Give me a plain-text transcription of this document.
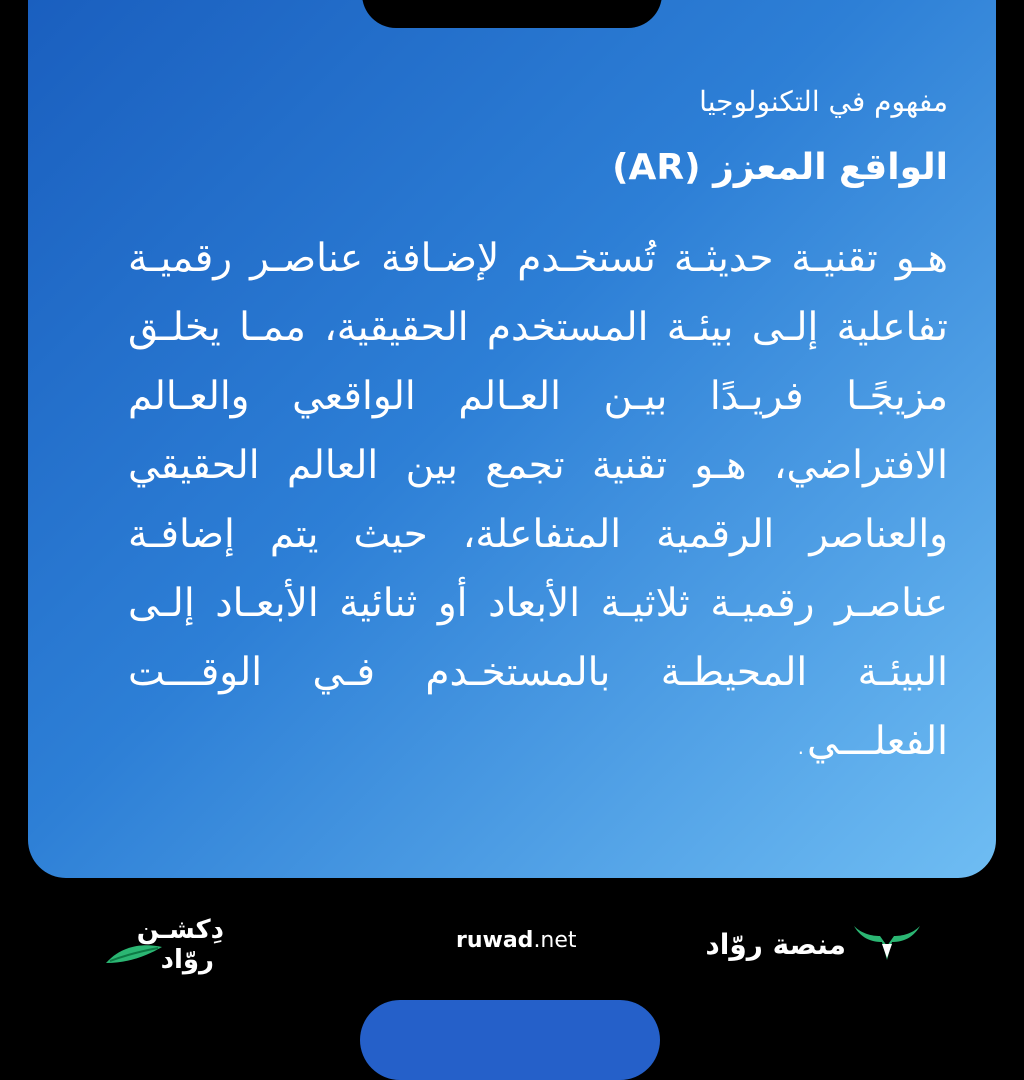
مفهوم في التكنولوجيا

الواقع المعزز (AR)

هـو تقنيـة حديثـة تُستخـدم لإضـافة عناصـر رقميـة تفاعلية إلـى بيئـة المستخدم الحقيقية، ممـا يخلـق مزيجًـا فريـدًا بيـن العـالم الواقعي والعـالم الافتراضي، هـو تقنية تجمع بين العالم الحقيقي والعناصر الرقمية المتفاعلة، حيث يتم إضافـة عناصـر رقميـة ثلاثيـة الأبعاد أو ثنائية الأبعـاد إلـى البيئـة المحيطـة بالمستخـدم فـي الوقـــت الفعلـــي.

دِكشـن
روّاد
ruwad.net	منصة روّاد
